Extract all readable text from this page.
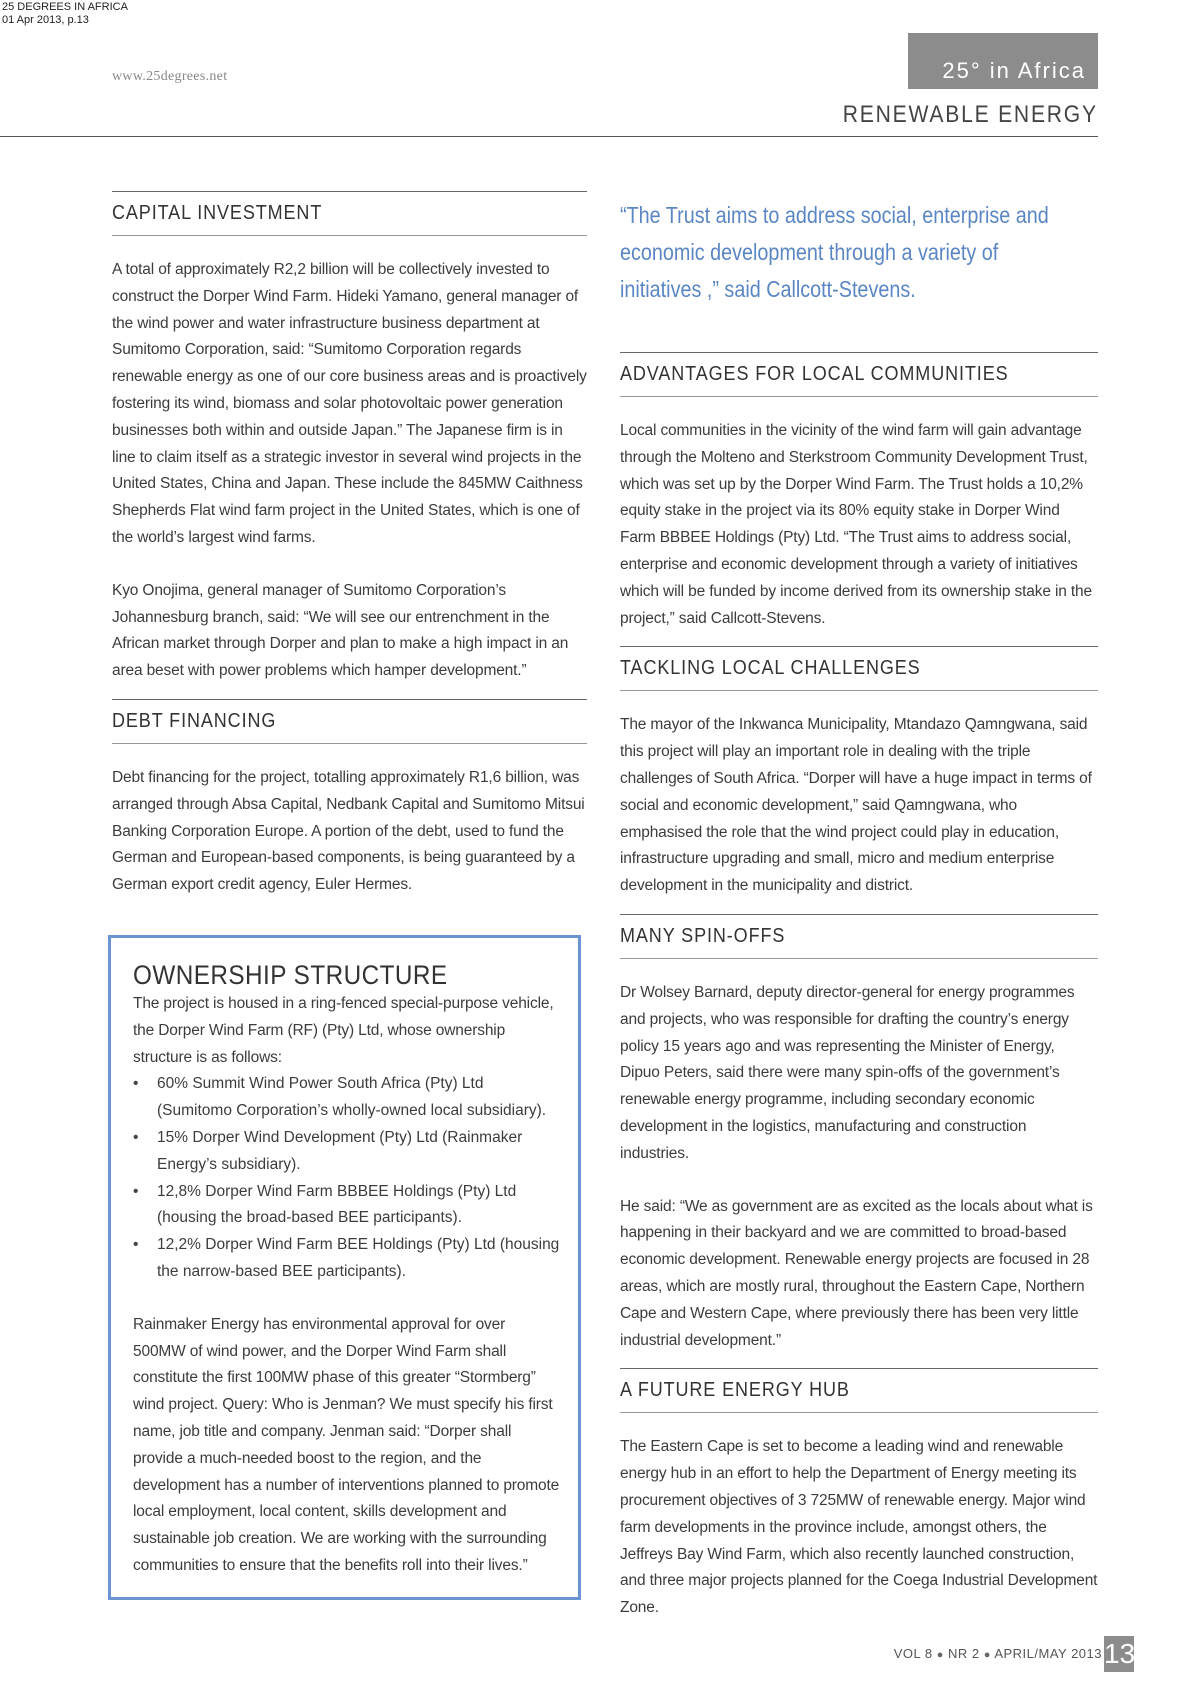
25 DEGREES IN AFRICA
01 Apr 2013, p.13
www.25degrees.net	25° in Africa
RENEWABLE ENERGY
CAPITAL INVESTMENT

A total of approximately R2,2 billion will be collectively invested to construct the Dorper Wind Farm. Hideki Yamano, general manager of the wind power and water infrastructure business department at Sumitomo Corporation, said: “Sumitomo Corporation regards renewable energy as one of our core business areas and is proactively fostering its wind, biomass and solar photovoltaic power generation businesses both within and outside Japan.” The Japanese firm is in line to claim itself as a strategic investor in several wind projects in the United States, China and Japan. These include the 845MW Caithness Shepherds Flat wind farm project in the United States, which is one of the world’s largest wind farms.

Kyo Onojima, general manager of Sumitomo Corporation’s Johannesburg branch, said: “We will see our entrenchment in the African market through Dorper and plan to make a high impact in an area beset with power problems which hamper development.”

DEBT FINANCING

Debt financing for the project, totalling approximately R1,6 billion, was arranged through Absa Capital, Nedbank Capital and Sumitomo Mitsui Banking Corporation Europe. A portion of the debt, used to fund the German and European-based components, is being guaranteed by a German export credit agency, Euler Hermes.

OWNERSHIP STRUCTURE

The project is housed in a ring-fenced special-purpose vehicle, the Dorper Wind Farm (RF) (Pty) Ltd, whose ownership structure is as follows:

• 60% Summit Wind Power South Africa (Pty) Ltd (Sumitomo Corporation’s wholly-owned local subsidiary).
• 15% Dorper Wind Development (Pty) Ltd (Rainmaker Energy’s subsidiary).
• 12,8% Dorper Wind Farm BBBEE Holdings (Pty) Ltd (housing the broad-based BEE participants).
• 12,2% Dorper Wind Farm BEE Holdings (Pty) Ltd (housing the narrow-based BEE participants).

Rainmaker Energy has environmental approval for over 500MW of wind power, and the Dorper Wind Farm shall constitute the first 100MW phase of this greater “Stormberg” wind project. Query: Who is Jenman? We must specify his first name, job title and company. Jenman said: “Dorper shall provide a much-needed boost to the region, and the development has a number of interventions planned to promote local employment, local content, skills development and sustainable job creation. We are working with the surrounding communities to ensure that the benefits roll into their lives.”

“The Trust aims to address social, enterprise and economic development through a variety of initiatives ,” said Callcott-Stevens.
ADVANTAGES FOR LOCAL COMMUNITIES

Local communities in the vicinity of the wind farm will gain advantage through the Molteno and Sterkstroom Community Development Trust, which was set up by the Dorper Wind Farm. The Trust holds a 10,2% equity stake in the project via its 80% equity stake in Dorper Wind Farm BBBEE Holdings (Pty) Ltd. “The Trust aims to address social, enterprise and economic development through a variety of initiatives which will be funded by income derived from its ownership stake in the project,” said Callcott-Stevens.

TACKLING LOCAL CHALLENGES

The mayor of the Inkwanca Municipality, Mtandazo Qamngwana, said this project will play an important role in dealing with the triple challenges of South Africa. “Dorper will have a huge impact in terms of social and economic development,” said Qamngwana, who emphasised the role that the wind project could play in education, infrastructure upgrading and small, micro and medium enterprise development in the municipality and district.

MANY SPIN-OFFS

Dr Wolsey Barnard, deputy director-general for energy programmes and projects, who was responsible for drafting the country’s energy policy 15 years ago and was representing the Minister of Energy, Dipuo Peters, said there were many spin-offs of the government’s renewable energy programme, including secondary economic development in the logistics, manufacturing and construction industries.

He said: “We as government are as excited as the locals about what is happening in their backyard and we are committed to broad-based economic development. Renewable energy projects are focused in 28 areas, which are mostly rural, throughout the Eastern Cape, Northern Cape and Western Cape, where previously there has been very little industrial development.”

A FUTURE ENERGY HUB

The Eastern Cape is set to become a leading wind and renewable energy hub in an effort to help the Department of Energy meeting its procurement objectives of 3 725MW of renewable energy. Major wind farm developments in the province include, amongst others, the Jeffreys Bay Wind Farm, which also recently launched construction, and three major projects planned for the Coega Industrial Development Zone.

VOL 8 ● NR 2 ● APRIL/MAY 2013 13
